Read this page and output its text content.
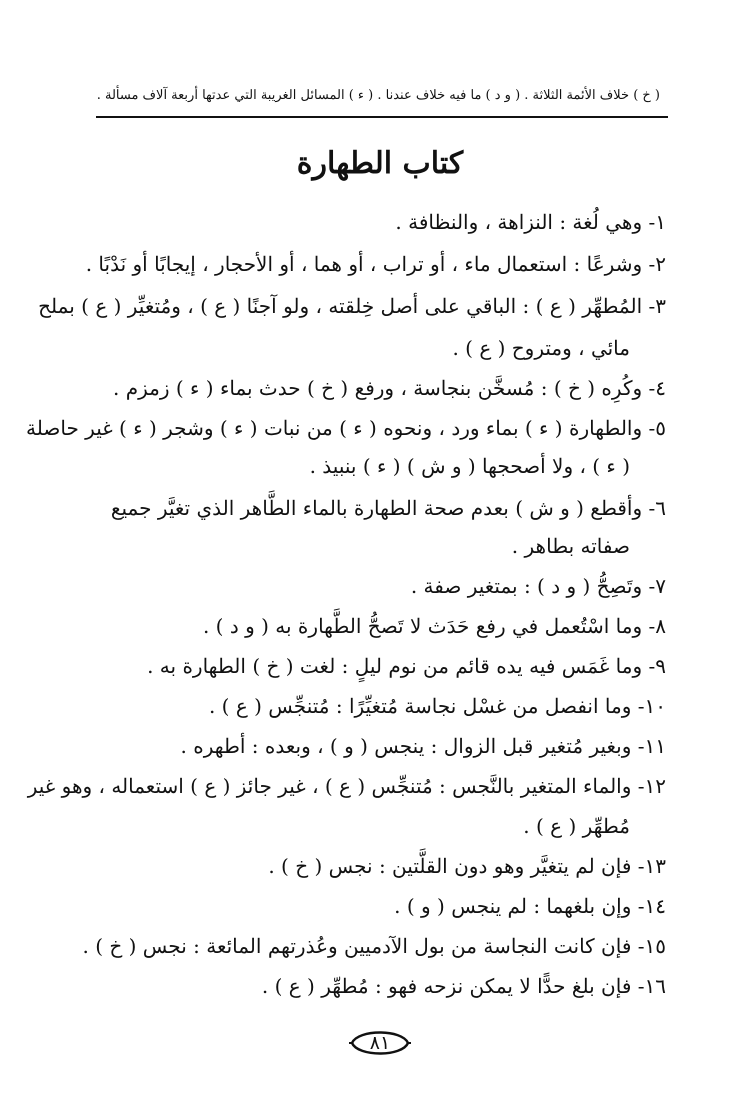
( خ ) خلاف الأئمة الثلاثة . ( و د ) ما فيه خلاف عندنا . ( ء ) المسائل الغريبة التي عدتها أربعة آلاف مسألة .
كتاب الطهارة
١- وهي لُغة : النزاهة ، والنظافة .
٢- وشرعًا : استعمال ماء ، أو تراب ، أو هما ، أو الأحجار ، إيجابًا أو نَدْبًا .
٣- المُطهِّر ( ع ) : الباقي على أصل خِلقته ، ولو آجنًا ( ع ) ، ومُتغيِّر ( ع ) بملح
مائي ، ومتروح ( ع ) .
٤- وكُرِه ( خ ) : مُسخَّن بنجاسة ، ورفع ( خ ) حدث بماء ( ء ) زمزم .
٥- والطهارة ( ء ) بماء ورد ، ونحوه ( ء ) من نبات ( ء ) وشجر ( ء ) غير حاصلة
( ء ) ، ولا أصحجها ( و ش ) ( ء ) بنبيذ .
٦- وأقطع ( و ش ) بعدم صحة الطهارة بالماء الطَّاهر الذي تغيَّر جميع
صفاته بطاهر .
٧- وتَصِحُّ ( و د ) : بمتغير صفة .
٨- وما اسْتُعمل في رفع حَدَث لا تَصحُّ الطَّهارة به ( و د ) .
٩- وما غَمَس فيه يده قائم من نوم ليلٍ : لغت ( خ ) الطهارة به .
١٠- وما انفصل من غسْل نجاسة مُتغيِّرًا : مُتنجِّس ( ع ) .
١١- وبغير مُتغير قبل الزوال : ينجس ( و ) ، وبعده : أطهره .
١٢- والماء المتغير بالنَّجس : مُتنجِّس ( ع ) ، غير جائز ( ع ) استعماله ، وهو غير
مُطهِّر ( ع ) .
١٣- فإن لم يتغيَّر وهو دون القلَّتين : نجس ( خ ) .
١٤- وإن بلغهما : لم ينجس ( و ) .
١٥- فإن كانت النجاسة من بول الآدميين وعُذرتهم المائعة : نجس ( خ ) .
١٦- فإن بلغ حدًّا لا يمكن نزحه فهو : مُطهِّر ( ع ) .
٨١
